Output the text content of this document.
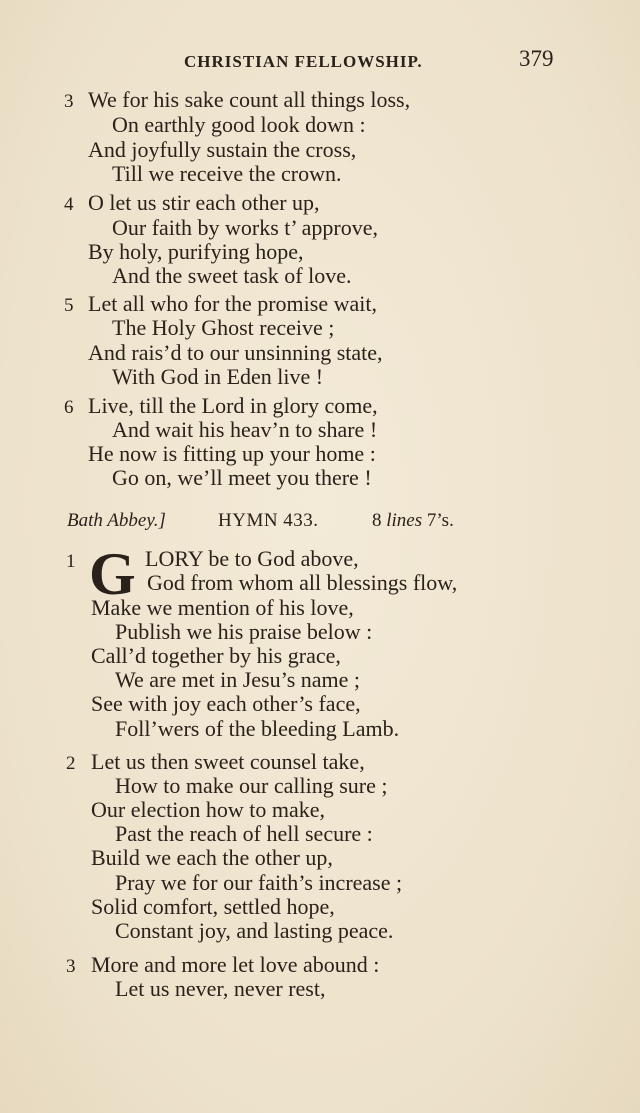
CHRISTIAN FELLOWSHIP.	379
3 We for his sake count all things loss,
On earthly good look down :
And joyfully sustain the cross,
Till we receive the crown.
4 O let us stir each other up,
Our faith by works t’ approve,
By holy, purifying hope,
And the sweet task of love.
5 Let all who for the promise wait,
The Holy Ghost receive ;
And rais’d to our unsinning state,
With God in Eden live !
6 Live, till the Lord in glory come,
And wait his heav’n to share !
He now is fitting up your home :
Go on, we’ll meet you there !
Bath Abbey.]	HYMN 433.	8 lines 7’s.
1 G LORY be to God above,
God from whom all blessings flow,
Make we mention of his love,
Publish we his praise below :
Call’d together by his grace,
We are met in Jesu’s name ;
See with joy each other’s face,
Foll’wers of the bleeding Lamb.
2 Let us then sweet counsel take,
How to make our calling sure ;
Our election how to make,
Past the reach of hell secure :
Build we each the other up,
Pray we for our faith’s increase ;
Solid comfort, settled hope,
Constant joy, and lasting peace.
3 More and more let love abound :
Let us never, never rest,
